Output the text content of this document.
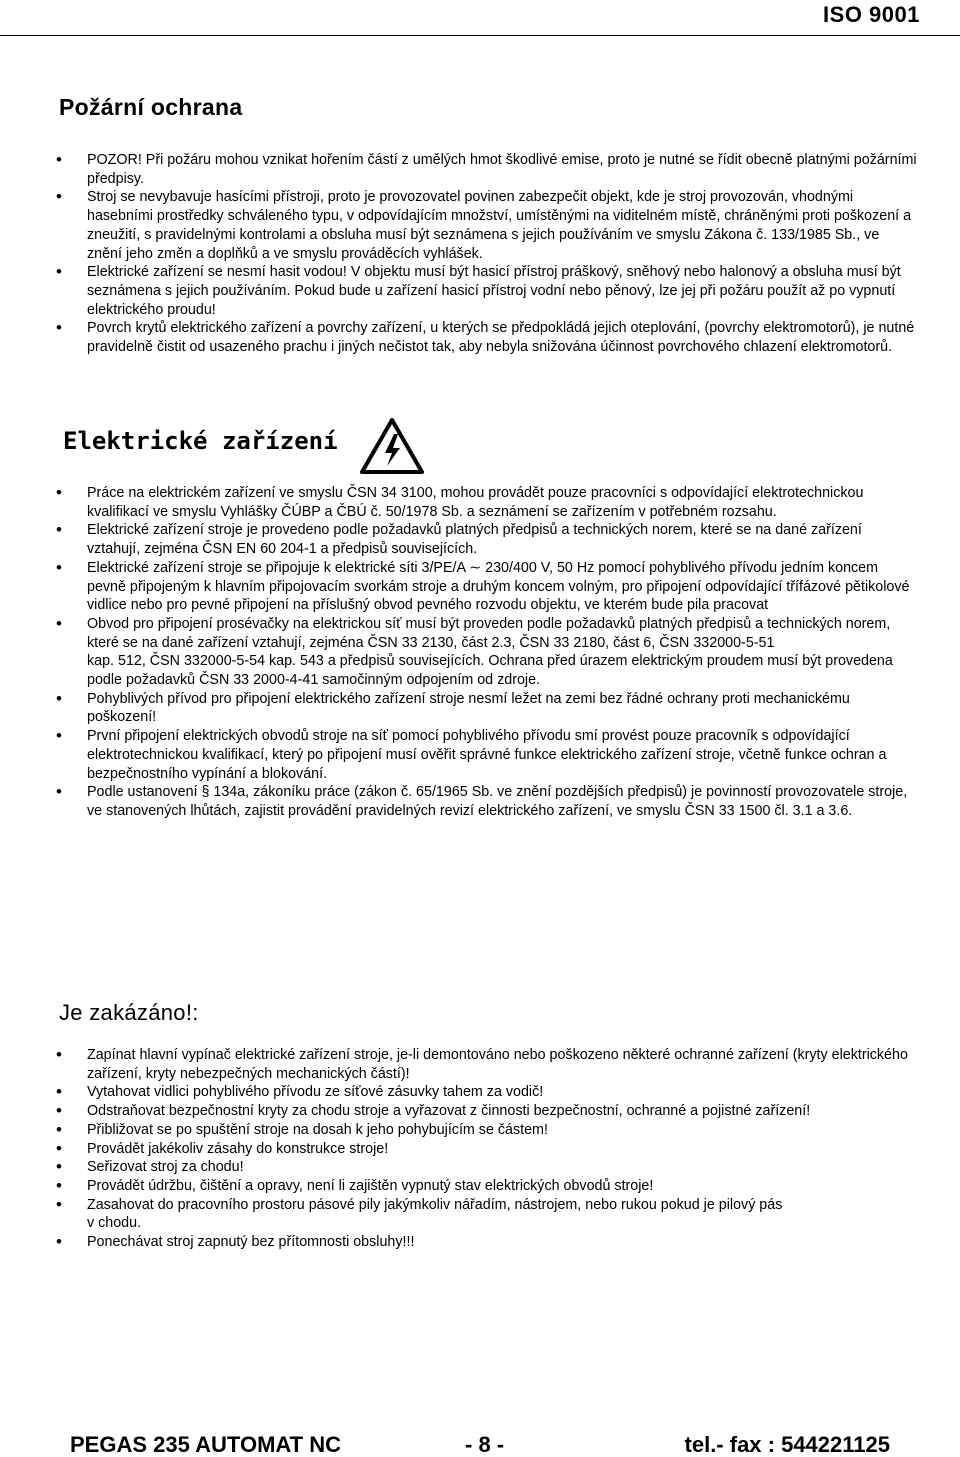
ISO 9001
Požární ochrana
• POZOR! Při požáru mohou vznikat hořením částí z umělých hmot škodlivé emise, proto je nutné se řídit obecně platnými požárními předpisy.
• Stroj se nevybavuje hasícími přístroji, proto je provozovatel povinen zabezpečit objekt, kde je stroj provozován, vhodnými hasebními prostředky schváleného typu, v odpovídajícím množství, umístěnými na viditelném místě, chráněnými proti poškození a zneužití, s pravidelnými kontrolami a obsluha musí být seznámena s jejich používáním ve smyslu Zákona č. 133/1985 Sb., ve znění jeho změn a doplňků a ve smyslu prováděcích vyhlášek.
• Elektrické zařízení se nesmí hasit vodou! V objektu musí být hasicí přístroj práškový, sněhový nebo halonový a obsluha musí být seznámena s jejich používáním. Pokud bude u zařízení hasicí přístroj vodní nebo pěnový, lze jej při požáru použít až po vypnutí elektrického proudu!
• Povrch krytů elektrického zařízení a povrchy zařízení, u kterých se předpokládá jejich oteplování, (povrchy elektromotorů), je nutné pravidelně čistit od usazeného prachu i jiných nečistot tak, aby nebyla snižována účinnost povrchového chlazení elektromotorů.
Elektrické zařízení
• Práce na elektrickém zařízení ve smyslu ČSN 34 3100, mohou provádět pouze pracovníci s odpovídající elektrotechnickou kvalifikací ve smyslu Vyhlášky ČÚBP a ČBÚ č. 50/1978 Sb. a seznámení se zařízením v potřebném rozsahu.
• Elektrické zařízení stroje je provedeno podle požadavků platných předpisů a technických norem, které se na dané zařízení vztahují, zejména ČSN EN 60 204-1 a předpisů souvisejících.
• Elektrické zařízení stroje se připojuje k elektrické síti 3/PE/A ∼ 230/400 V, 50 Hz pomocí pohyblivého přívodu jedním koncem pevně připojeným k hlavním připojovacím svorkám stroje a druhým koncem volným, pro připojení odpovídající třífázové pětikolové vidlice nebo pro pevné připojení na příslušný obvod pevného rozvodu objektu, ve kterém bude pila pracovat
• Obvod pro připojení prosévačky na elektrickou síť musí být proveden podle požadavků platných předpisů a technických norem, které se na dané zařízení vztahují, zejména ČSN 33 2130, část 2.3, ČSN 33 2180, část 6, ČSN 332000-5-51
kap. 512, ČSN 332000-5-54 kap. 543 a předpisů souvisejících. Ochrana před úrazem elektrickým proudem musí být provedena podle požadavků ČSN 33 2000-4-41 samočinným odpojením od zdroje.
• Pohyblivých přívod pro připojení elektrického zařízení stroje nesmí ležet na zemi bez řádné ochrany proti mechanickému poškození!
• První připojení elektrických obvodů stroje na síť pomocí pohyblivého přívodu smí provést pouze pracovník s odpovídající elektrotechnickou kvalifikací, který po připojení musí ověřit správné funkce elektrického zařízení stroje, včetně funkce ochran a bezpečnostního vypínání a blokování.
• Podle ustanovení § 134a, zákoníku práce (zákon č. 65/1965 Sb. ve znění pozdějších předpisů) je povinností provozovatele stroje, ve stanovených lhůtách, zajistit provádění pravidelných revizí elektrického zařízení, ve smyslu ČSN 33 1500 čl. 3.1 a 3.6.
Je zakázáno!:
• Zapínat hlavní vypínač elektrické zařízení stroje, je-li demontováno nebo poškozeno některé ochranné zařízení (kryty elektrického zařízení, kryty nebezpečných mechanických částí)!
• Vytahovat vidlici pohyblivého přívodu ze síťové zásuvky tahem za vodič!
• Odstraňovat bezpečnostní kryty za chodu stroje a vyřazovat z činnosti bezpečnostní, ochranné a pojistné zařízení!
• Přibližovat se po spuštění stroje na dosah k jeho pohybujícím se částem!
• Provádět jakékoliv zásahy do konstrukce stroje!
• Seřizovat stroj za chodu!
• Provádět údržbu, čištění a opravy, není li zajištěn vypnutý stav elektrických obvodů stroje!
• Zasahovat do pracovního prostoru pásové pily jakýmkoliv nářadím, nástrojem, nebo rukou pokud je pilový pás
v chodu.
• Ponechávat stroj zapnutý bez přítomnosti obsluhy!!!
PEGAS 235 AUTOMAT NC	- 8 -	tel.- fax : 544221125
